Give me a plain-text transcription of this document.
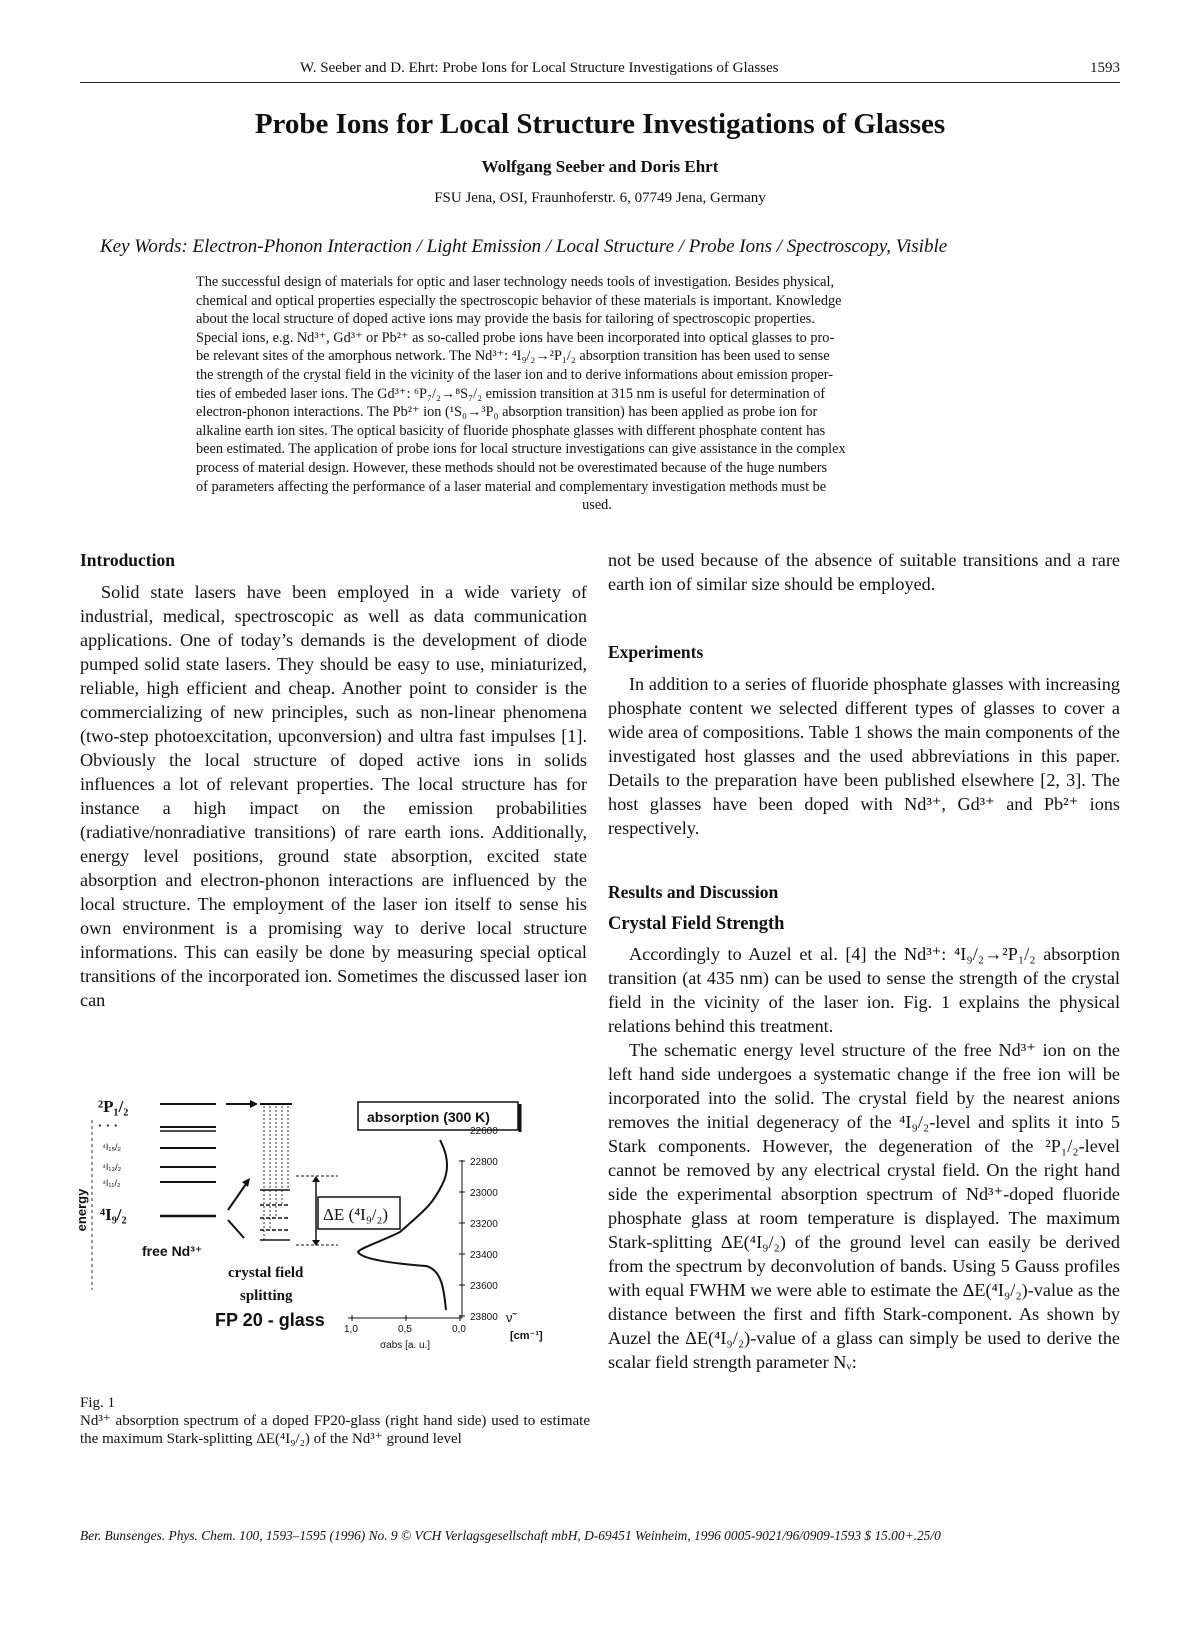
W. Seeber and D. Ehrt: Probe Ions for Local Structure Investigations of Glasses	1593
Probe Ions for Local Structure Investigations of Glasses
Wolfgang Seeber and Doris Ehrt
FSU Jena, OSI, Fraunhoferstr. 6, 07749 Jena, Germany
Key Words: Electron-Phonon Interaction / Light Emission / Local Structure / Probe Ions / Spectroscopy, Visible
The successful design of materials for optic and laser technology needs tools of investigation. Besides physical,
chemical and optical properties especially the spectroscopic behavior of these materials is important. Knowledge
about the local structure of doped active ions may provide the basis for tailoring of spectroscopic properties.
Special ions, e.g. Nd³⁺, Gd³⁺ or Pb²⁺ as so-called probe ions have been incorporated into optical glasses to pro-
be relevant sites of the amorphous network. The Nd³⁺: ⁴I₉/₂→²P₁/₂ absorption transition has been used to sense
the strength of the crystal field in the vicinity of the laser ion and to derive informations about emission proper-
ties of embeded laser ions. The Gd³⁺: ⁶P₇/₂→⁸S₇/₂ emission transition at 315 nm is useful for determination of
electron-phonon interactions. The Pb²⁺ ion (¹S₀→³P₀ absorption transition) has been applied as probe ion for
alkaline earth ion sites. The optical basicity of fluoride phosphate glasses with different phosphate content has
been estimated. The application of probe ions for local structure investigations can give assistance in the complex
process of material design. However, these methods should not be overestimated because of the huge numbers
of parameters affecting the performance of a laser material and complementary investigation methods must be
used.

Introduction

Solid state lasers have been employed in a wide variety of industrial, medical, spectroscopic as well as data communication applications. One of today’s demands is the development of diode pumped solid state lasers. They should be easy to use, miniaturized, reliable, high efficient and cheap. Another point to consider is the commercializing of new principles, such as non-linear phenomena (two-step photoexcitation, upconversion) and ultra fast impulses [1]. Obviously the local structure of doped active ions in solids influences a lot of relevant properties. The local structure has for instance a high impact on the emission probabilities (radiative/nonradiative transitions) of rare earth ions. Additionally, energy level positions, ground state absorption, excited state absorption and electron-phonon interactions are influenced by the local structure. The employment of the laser ion itself to sense his own environment is a promising way to derive local structure informations. This can easily be done by measuring special optical transitions of the incorporated ion. Sometimes the discussed laser ion can

not be used because of the absence of suitable transitions and a rare earth ion of similar size should be employed.

Experiments

In addition to a series of fluoride phosphate glasses with increasing phosphate content we selected different types of glasses to cover a wide area of compositions. Table 1 shows the main components of the investigated host glasses and the used abbreviations in this paper. Details to the preparation have been published elsewhere [2, 3]. The host glasses have been doped with Nd³⁺, Gd³⁺ and Pb²⁺ ions respectively.

Results and Discussion

Crystal Field Strength

Accordingly to Auzel et al. [4] the Nd³⁺: ⁴I₉/₂→²P₁/₂ absorption transition (at 435 nm) can be used to sense the strength of the crystal field in the vicinity of the laser ion. Fig. 1 explains the physical relations behind this treatment.

The schematic energy level structure of the free Nd³⁺ ion on the left hand side undergoes a systematic change if the free ion will be incorporated into the solid. The crystal field by the nearest anions removes the initial degeneracy of the ⁴I₉/₂-level and splits it into 5 Stark components. However, the degeneration of the ²P₁/₂-level cannot be removed by any electrical crystal field. On the right hand side the experimental absorption spectrum of Nd³⁺-doped fluoride phosphate glass at room temperature is displayed. The maximum Stark-splitting ΔE(⁴I₉/₂) of the ground level can easily be derived from the spectrum by deconvolution of bands. Using 5 Gauss profiles with equal FWHM we were able to estimate the ΔE(⁴I₉/₂)-value as the distance between the first and fifth Stark-component. As shown by Auzel the ΔE(⁴I₉/₂)-value of a glass can simply be used to derive the scalar field strength parameter Nᵥ:

energy
²P₁/₂
· · ·
⁴I₁₅/₂
⁴I₁₃/₂
⁴I₁₁/₂
⁴I₉/₂
free Nd³⁺
crystal field
splitting
FP 20 - glass
ΔE (⁴I₉/₂)
absorption (300 K)
22600
22800
23000
23200
23400
23600
23800 ν̃
[cm⁻¹]
1,0	0,5	0,0
σabs [a. u.]
Fig. 1
Nd³⁺ absorption spectrum of a doped FP20-glass (right hand side) used to estimate the maximum Stark-splitting ΔE(⁴I₉/₂) of the Nd³⁺ ground level
Ber. Bunsenges. Phys. Chem. 100, 1593–1595 (1996) No. 9 © VCH Verlagsgesellschaft mbH, D-69451 Weinheim, 1996 0005-9021/96/0909-1593 $ 15.00+.25/0
